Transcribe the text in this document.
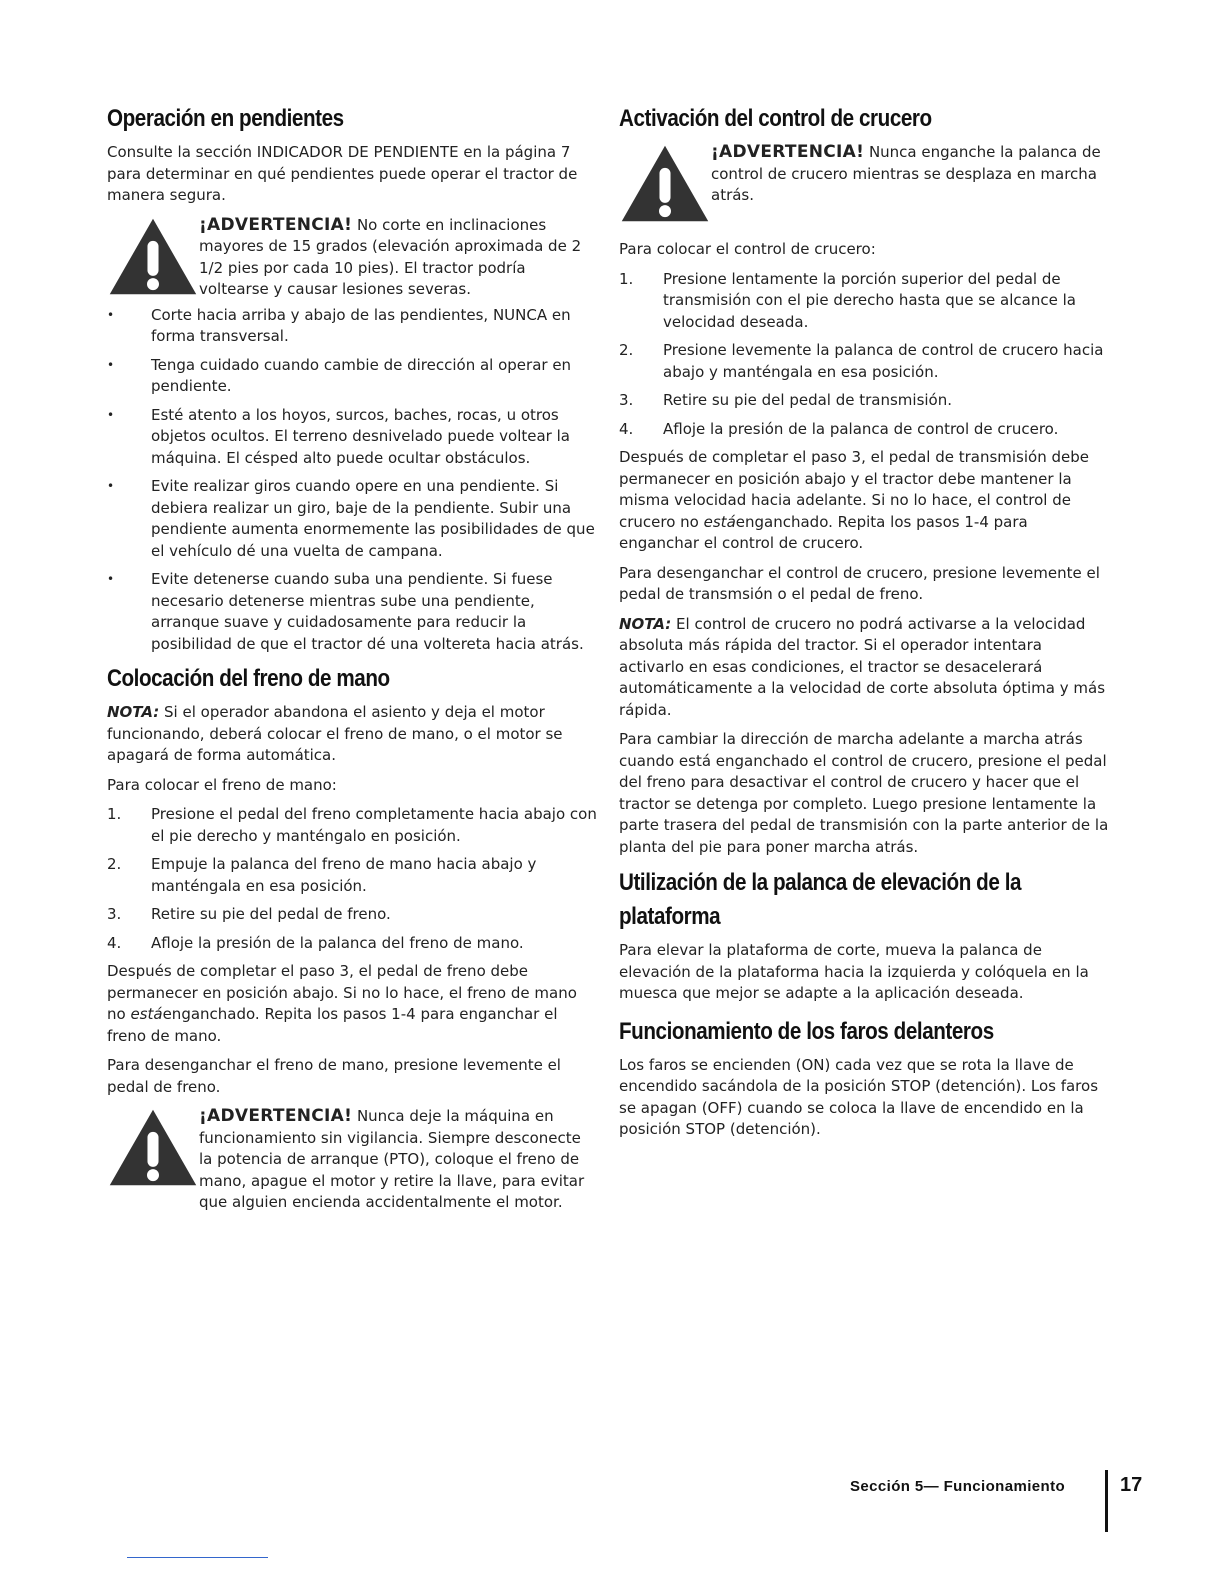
Operación en pendientes

Consulte la sección INDICADOR DE PENDIENTE en la página 7 para determinar en qué pendientes puede operar el tractor de manera segura.

¡ADVERTENCIA! No corte en inclinaciones mayores de 15 grados (elevación aproximada de 2 1/2 pies por cada 10 pies). El tractor podría voltearse y causar lesiones severas.
• Corte hacia arriba y abajo de las pendientes, NUNCA en forma transversal.
• Tenga cuidado cuando cambie de dirección al operar en pendiente.
• Esté atento a los hoyos, surcos, baches, rocas, u otros objetos ocultos. El terreno desnivelado puede voltear la máquina. El césped alto puede ocultar obstáculos.
• Evite realizar giros cuando opere en una pendiente. Si debiera realizar un giro, baje de la pendiente. Subir una pendiente aumenta enormemente las posibilidades de que el vehículo dé una vuelta de campana.
• Evite detenerse cuando suba una pendiente. Si fuese necesario detenerse mientras sube una pendiente, arranque suave y cuidadosamente para reducir la posibilidad de que el tractor dé una voltereta hacia atrás.
Colocación del freno de mano

NOTA: Si el operador abandona el asiento y deja el motor funcionando, deberá colocar el freno de mano, o el motor se apagará de forma automática.

Para colocar el freno de mano:

1. Presione el pedal del freno completamente hacia abajo con el pie derecho y manténgalo en posición.
2. Empuje la palanca del freno de mano hacia abajo y manténgala en esa posición.
3. Retire su pie del pedal de freno.
4. Afloje la presión de la palanca del freno de mano.

Después de completar el paso 3, el pedal de freno debe permanecer en posición abajo. Si no lo hace, el freno de mano no estáenganchado. Repita los pasos 1-4 para enganchar el freno de mano.

Para desenganchar el freno de mano, presione levemente el pedal de freno.

¡ADVERTENCIA! Nunca deje la máquina en funcionamiento sin vigilancia. Siempre desconecte la potencia de arranque (PTO), coloque el freno de mano, apague el motor y retire la llave, para evitar que alguien encienda accidentalmente el motor.
Activación del control de crucero
¡ADVERTENCIA! Nunca enganche la palanca de control de crucero mientras se desplaza en marcha atrás.

Para colocar el control de crucero:

1. Presione lentamente la porción superior del pedal de transmisión con el pie derecho hasta que se alcance la velocidad deseada.
2. Presione levemente la palanca de control de crucero hacia abajo y manténgala en esa posición.
3. Retire su pie del pedal de transmisión.
4. Afloje la presión de la palanca de control de crucero.

Después de completar el paso 3, el pedal de transmisión debe permanecer en posición abajo y el tractor debe mantener la misma velocidad hacia adelante. Si no lo hace, el control de crucero no estáenganchado. Repita los pasos 1-4 para enganchar el control de crucero.

Para desenganchar el control de crucero, presione levemente el pedal de transmsión o el pedal de freno.

NOTA: El control de crucero no podrá activarse a la velocidad absoluta más rápida del tractor. Si el operador intentara activarlo en esas condiciones, el tractor se desacelerará automáticamente a la velocidad de corte absoluta óptima y más rápida.

Para cambiar la dirección de marcha adelante a marcha atrás cuando está enganchado el control de crucero, presione el pedal del freno para desactivar el control de crucero y hacer que el tractor se detenga por completo. Luego presione lentamente la parte trasera del pedal de transmisión con la parte anterior de la planta del pie para poner marcha atrás.

Utilización de la palanca de elevación de la plataforma

Para elevar la plataforma de corte, mueva la palanca de elevación de la plataforma hacia la izquierda y colóquela en la muesca que mejor se adapte a la aplicación deseada.

Funcionamiento de los faros delanteros

Los faros se encienden (ON) cada vez que se rota la llave de encendido sacándola de la posición STOP (detención). Los faros se apagan (OFF) cuando se coloca la llave de encendido en la posición STOP (detención).

Sección 5— Funcionamiento	17
